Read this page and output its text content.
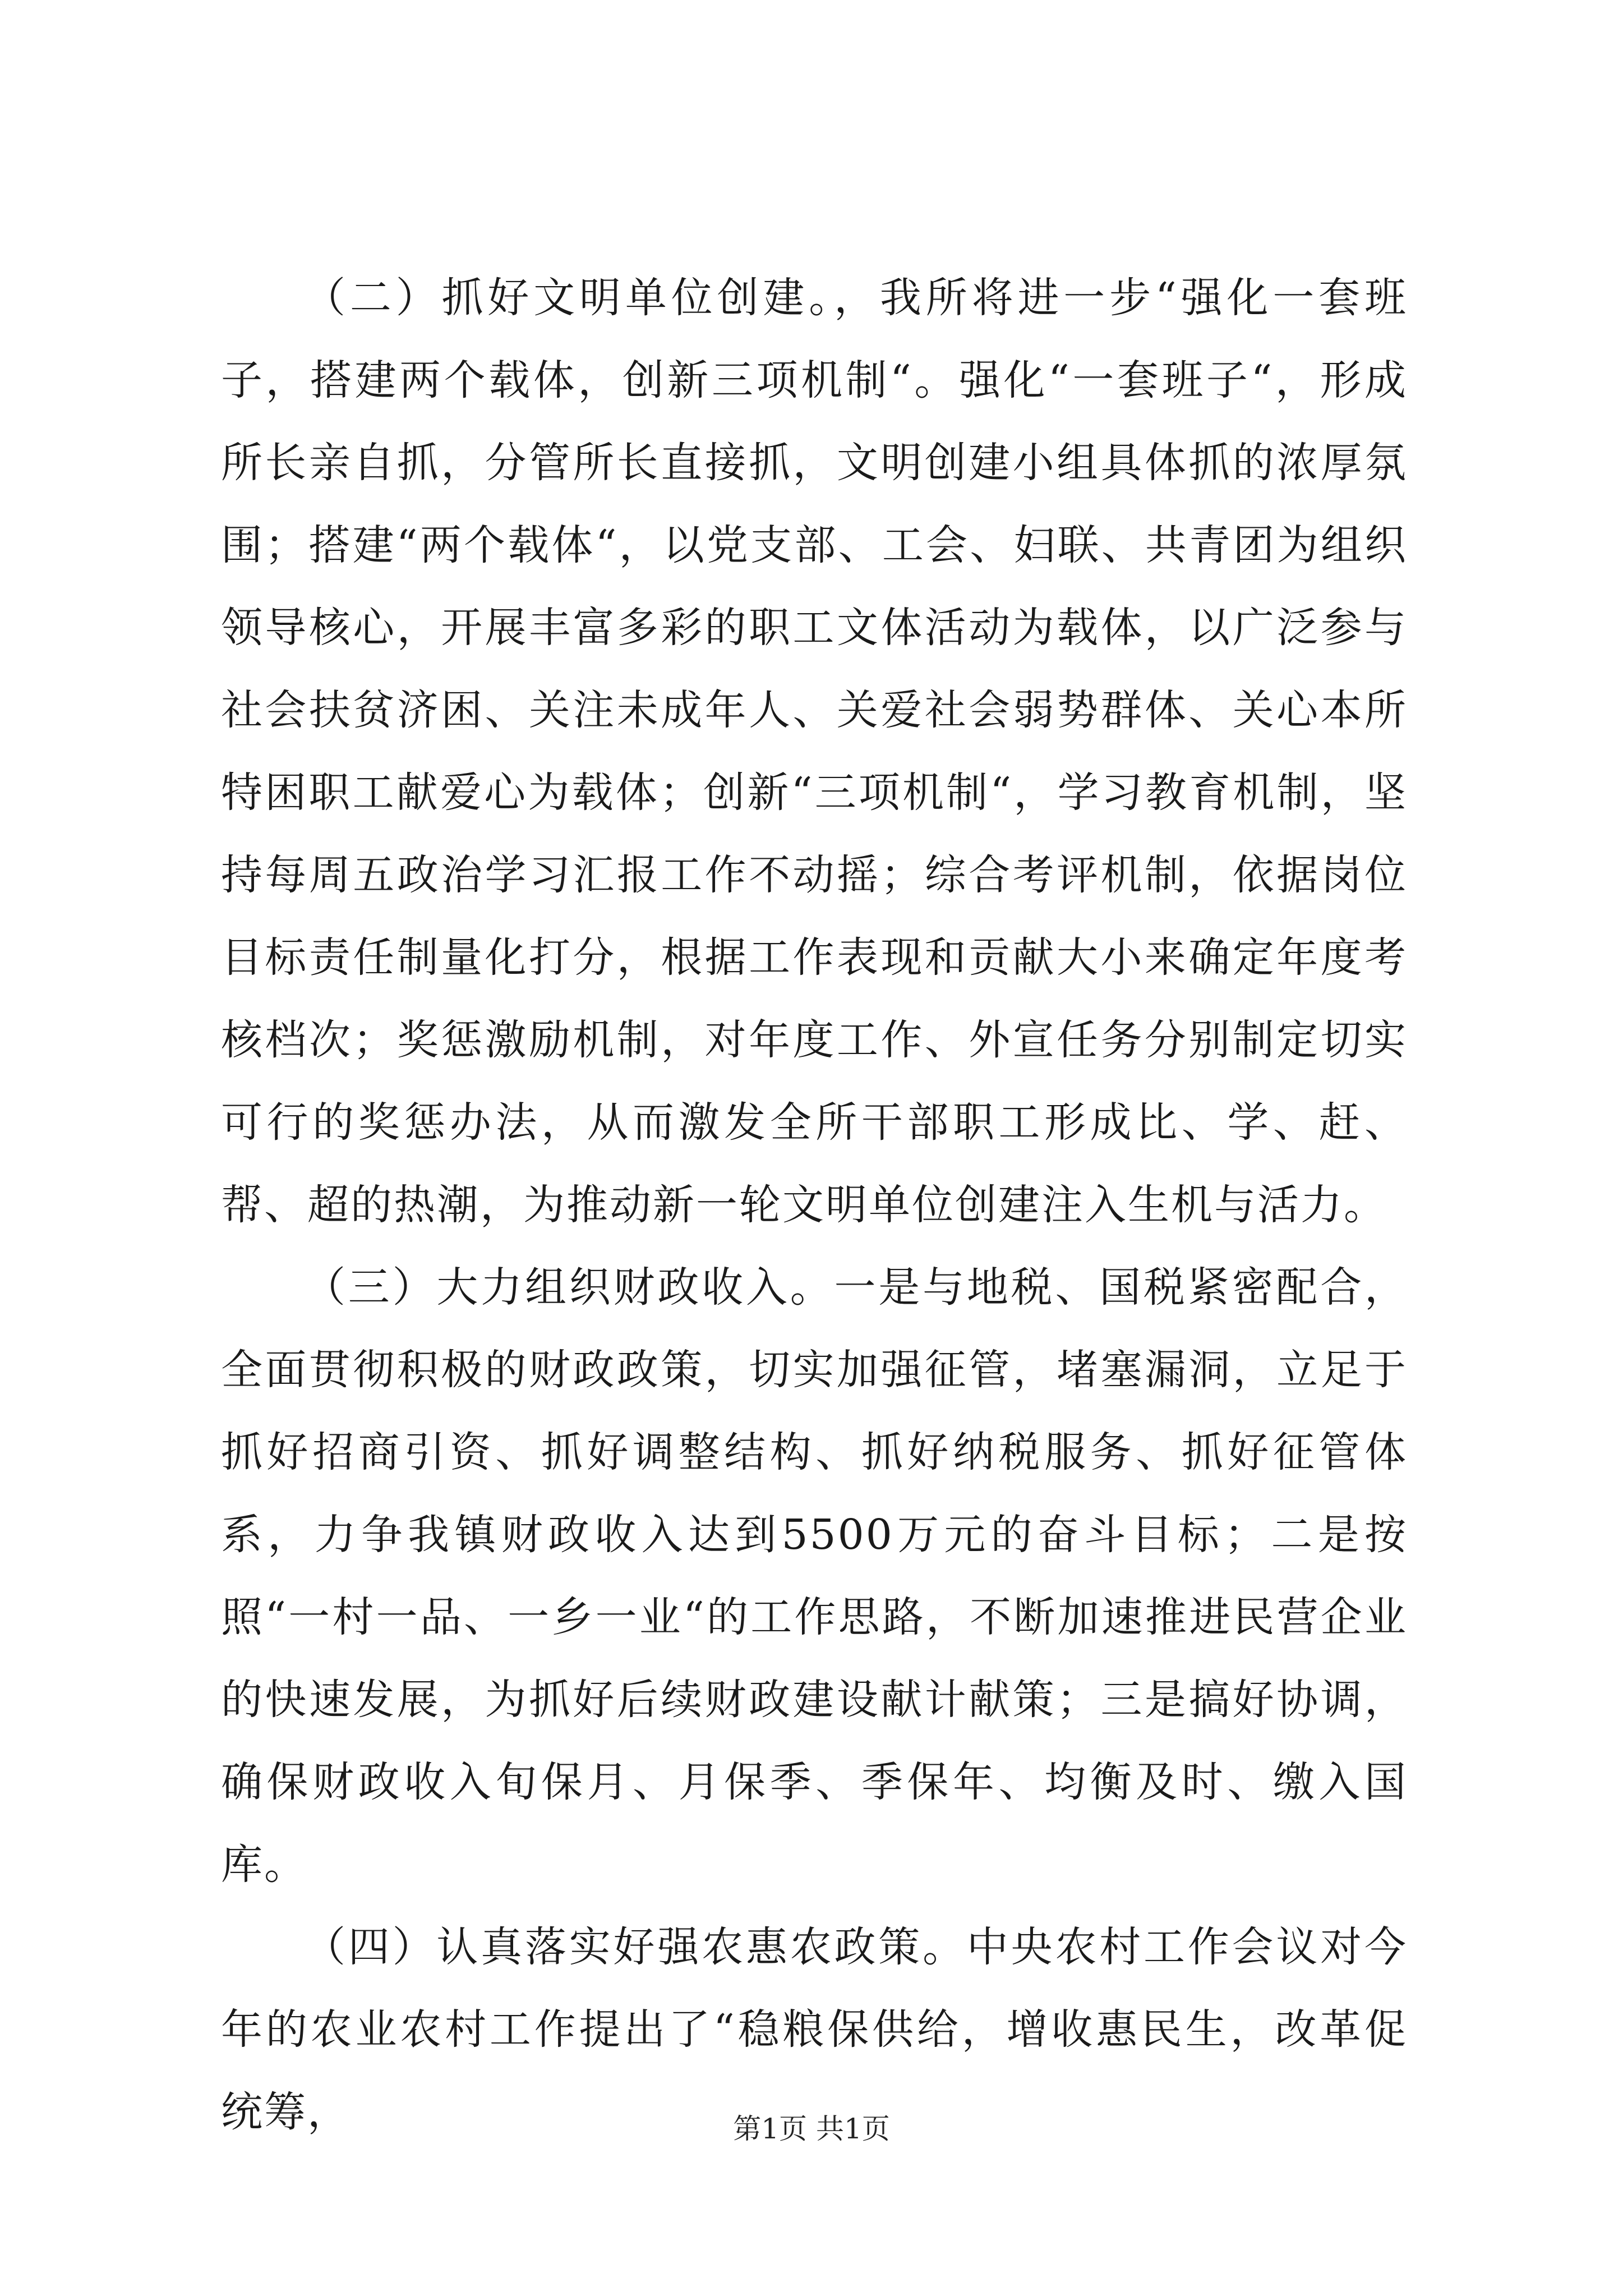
（二）抓好文明单位创建。，我所将进一步“强化一套班子，搭建两个载体，创新三项机制“。强化“一套班子“，形成所长亲自抓，分管所长直接抓，文明创建小组具体抓的浓厚氛围；搭建“两个载体“，以党支部、工会、妇联、共青团为组织领导核心，开展丰富多彩的职工文体活动为载体，以广泛参与社会扶贫济困、关注未成年人、关爱社会弱势群体、关心本所特困职工献爱心为载体；创新“三项机制“，学习教育机制，坚持每周五政治学习汇报工作不动摇；综合考评机制，依据岗位目标责任制量化打分，根据工作表现和贡献大小来确定年度考核档次；奖惩激励机制，对年度工作、外宣任务分别制定切实可行的奖惩办法，从而激发全所干部职工形成比、学、赶、帮、超的热潮，为推动新一轮文明单位创建注入生机与活力。

（三）大力组织财政收入。一是与地税、国税紧密配合，全面贯彻积极的财政政策，切实加强征管，堵塞漏洞，立足于抓好招商引资、抓好调整结构、抓好纳税服务、抓好征管体系，力争我镇财政收入达到5500万元的奋斗目标；二是按照“一村一品、一乡一业“的工作思路，不断加速推进民营企业的快速发展，为抓好后续财政建设献计献策；三是搞好协调，确保财政收入旬保月、月保季、季保年、均衡及时、缴入国库。

（四）认真落实好强农惠农政策。中央农村工作会议对今年的农业农村工作提出了“稳粮保供给，增收惠民生，改革促统筹，	第1页 共1页
